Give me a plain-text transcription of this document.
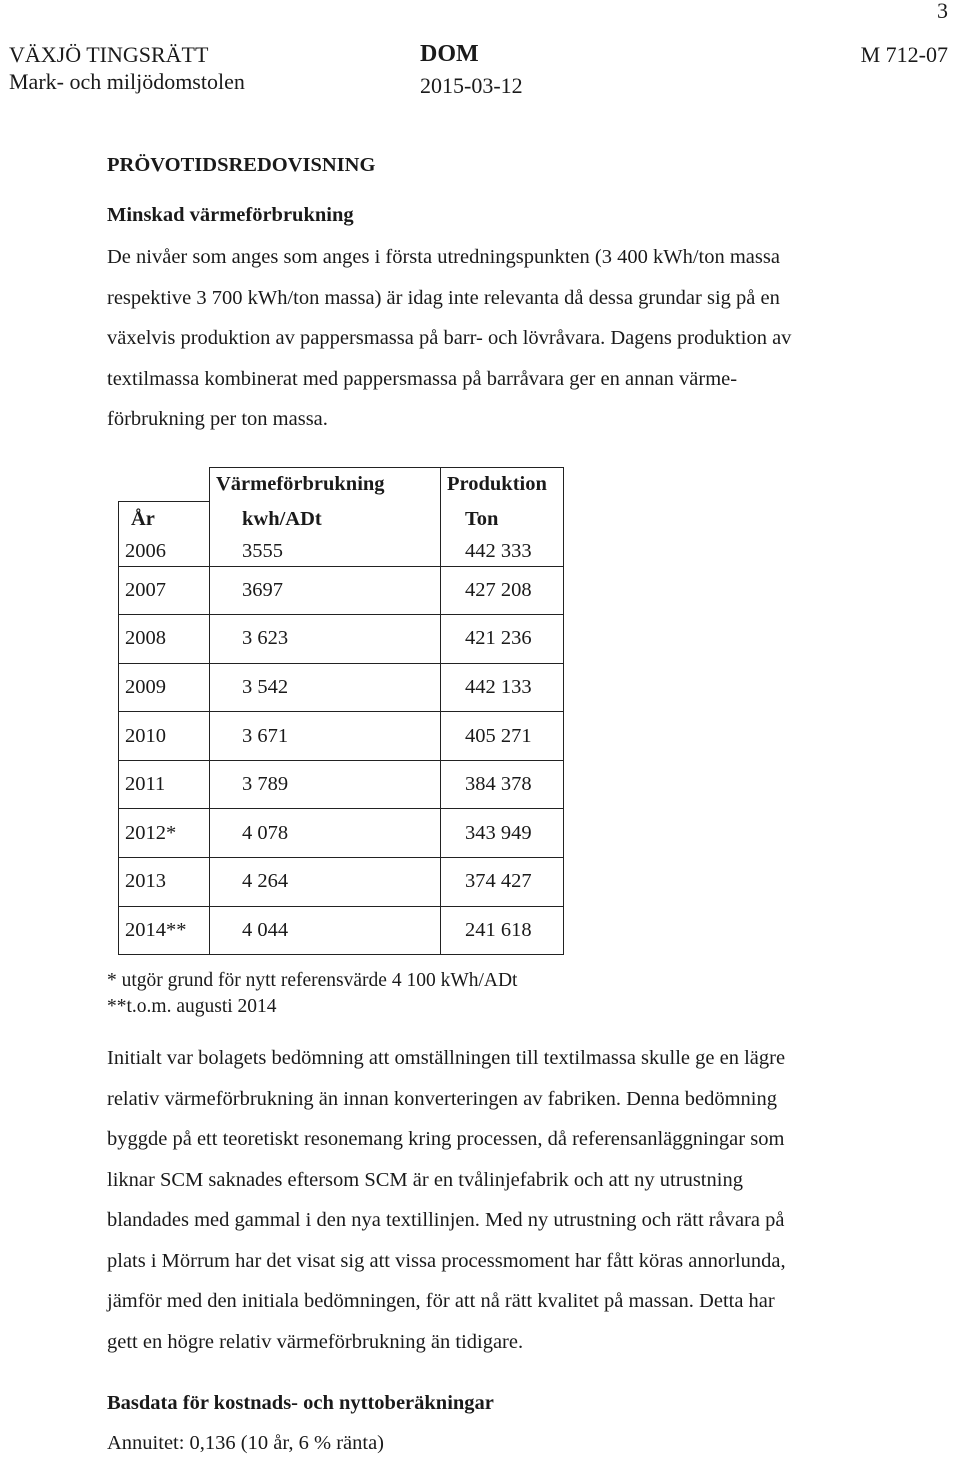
3
VÄXJÖ TINGSRÄTT
Mark- och miljödomstolen
DOM
2015-03-12
M 712-07
PRÖVOTIDSREDOVISNING
Minskad värmeförbrukning
De nivåer som anges som anges i första utredningspunkten (3 400 kWh/ton massa
respektive 3 700 kWh/ton massa) är idag inte relevanta då dessa grundar sig på en
växelvis produktion av pappersmassa på barr- och lövråvara. Dagens produktion av
textilmassa kombinerat med pappersmassa på barråvara ger en annan värme-
förbrukning per ton massa.
	Värmeförbrukning	Produktion
År	kwh/ADt	Ton
2006	3555	442 333
2007	3697	427 208
2008	3 623	421 236
2009	3 542	442 133
2010	3 671	405 271
2011	3 789	384 378
2012*	4 078	343 949
2013	4 264	374 427
2014**	4 044	241 618
* utgör grund för nytt referensvärde 4 100 kWh/ADt
**t.o.m. augusti 2014
Initialt var bolagets bedömning att omställningen till textilmassa skulle ge en lägre
relativ värmeförbrukning än innan konverteringen av fabriken. Denna bedömning
byggde på ett teoretiskt resonemang kring processen, då referensanläggningar som
liknar SCM saknades eftersom SCM är en tvålinjefabrik och att ny utrustning
blandades med gammal i den nya textillinjen. Med ny utrustning och rätt råvara på
plats i Mörrum har det visat sig att vissa processmoment har fått köras annorlunda,
jämför med den initiala bedömningen, för att nå rätt kvalitet på massan. Detta har
gett en högre relativ värmeförbrukning än tidigare.
Basdata för kostnads- och nyttoberäkningar
Annuitet: 0,136 (10 år, 6 % ränta)
